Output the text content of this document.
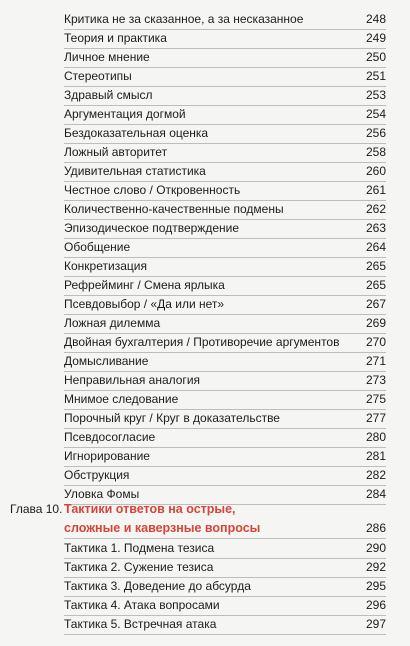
Критика не за сказанное, а за несказанное	248
Теория и практика	249
Личное мнение	250
Стереотипы	251
Здравый смысл	253
Аргументация догмой	254
Бездоказательная оценка	256
Ложный авторитет	258
Удивительная статистика	260
Честное слово / Откровенность	261
Количественно-качественные подмены	262
Эпизодическое подтверждение	263
Обобщение	264
Конкретизация	265
Рефрейминг / Смена ярлыка	265
Псевдовыбор / «Да или нет»	267
Ложная дилемма	269
Двойная бухгалтерия / Противоречие аргументов 270
Домысливание	271
Неправильная аналогия	273
Мнимое следование	275
Порочный круг / Круг в доказательстве	277
Псевдосогласие	280
Игнорирование	281
Обструкция	282
Уловка Фомы	284
Глава 10. Тактики ответов на острые,
сложные и каверзные вопросы	286
Тактика 1. Подмена тезиса	290
Тактика 2. Сужение тезиса	292
Тактика 3. Доведение до абсурда	295
Тактика 4. Атака вопросами	296
Тактика 5. Встречная атака	297
